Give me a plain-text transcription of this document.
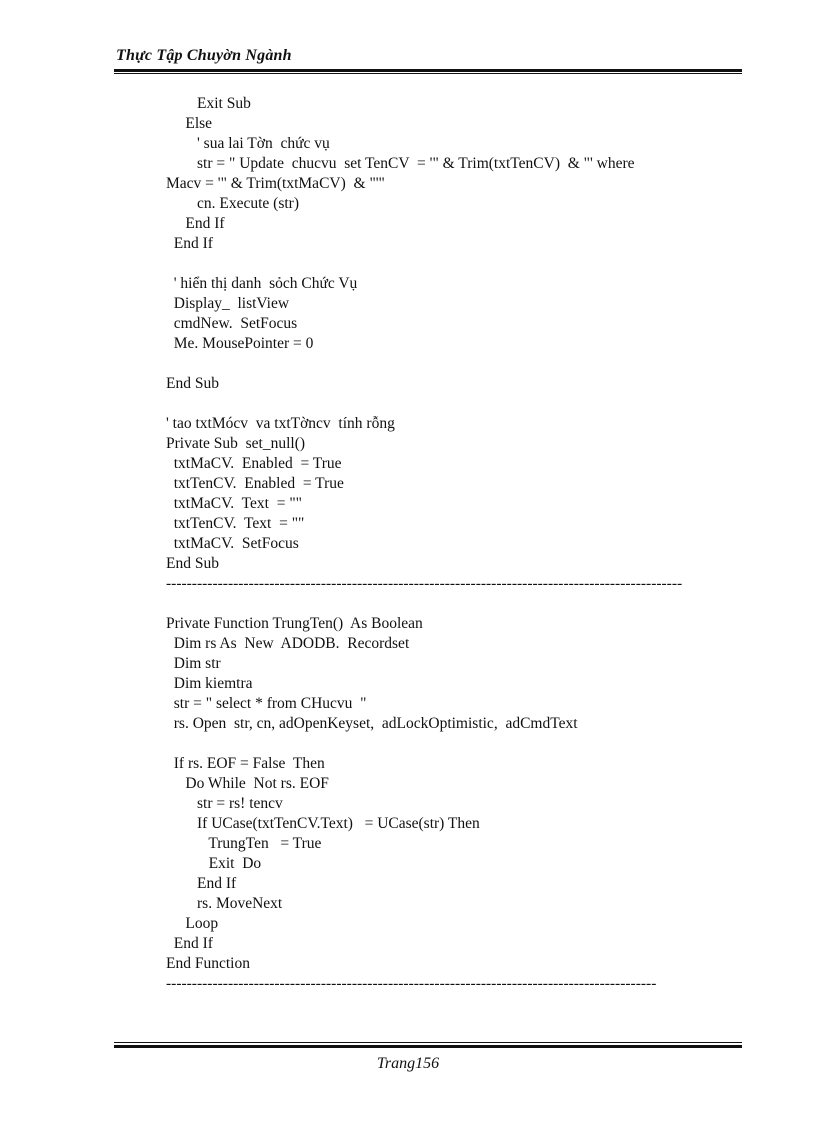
Thực Tập Chuyờn Ngành
Exit Sub
Else
' sua lai Tờn  chức vụ
str = " Update  chucvu  set TenCV  = '" & Trim(txtTenCV)  & "' where
Macv = '" & Trim(txtMaCV)  & "'"
cn. Execute (str)
End If
End If
' hiển thị danh  sỏch Chức Vụ
Display_  listView
cmdNew.  SetFocus
Me. MousePointer = 0
End Sub
' tao txtMócv  va txtTờncv  tính rỗng
Private Sub  set_null()
txtMaCV.  Enabled  = True
txtTenCV.  Enabled  = True
txtMaCV.  Text  = ""
txtTenCV.  Text  = ""
txtMaCV.  SetFocus
End Sub
----------------------------------------------------------------------------------------------------
Private Function TrungTen()  As Boolean
Dim rs As  New  ADODB.  Recordset
Dim str
Dim kiemtra
str = " select * from CHucvu  "
rs. Open  str, cn, adOpenKeyset,  adLockOptimistic,  adCmdText
If rs. EOF = False  Then
Do While  Not rs. EOF
str = rs! tencv
If UCase(txtTenCV.Text)   = UCase(str) Then
TrungTen   = True
Exit  Do
End If
rs. MoveNext
Loop
End If
End Function
-----------------------------------------------------------------------------------------------
Trang156
